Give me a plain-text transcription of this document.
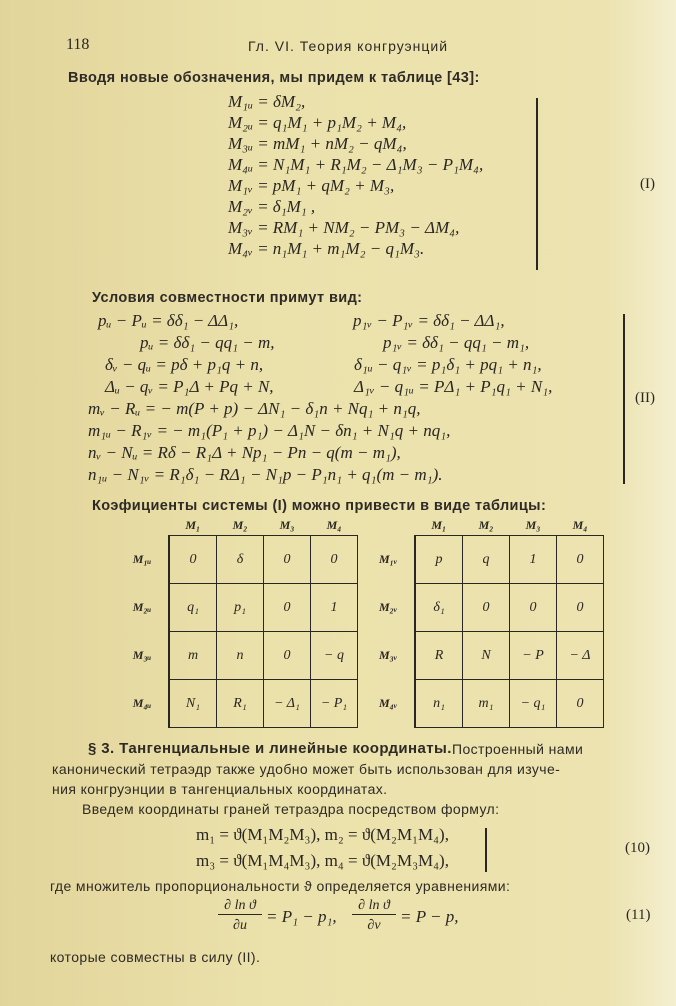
118	Гл. VI. Теория конгруэнций
Вводя новые обозначения, мы придем к таблице [43]:
M₁ᵤ = δM₂,
M₂ᵤ = q₁M₁ + p₁M₂ + M₄,
M₃ᵤ = mM₁ + nM₂ − qM₄,
M₄ᵤ = N₁M₁ + R₁M₂ − Δ₁M₃ − P₁M₄,
M₁ᵥ = pM₁ + qM₂ + M₃,
M₂ᵥ = δ₁M₁ ,
M₃ᵥ = RM₁ + NM₂ − PM₃ − ΔM₄,
M₄ᵥ = n₁M₁ + m₁M₂ − q₁M₃.
(I)
Условия совместности примут вид:
pᵤ − Pᵤ = δδ₁ − ΔΔ₁,	p₁ᵥ − P₁ᵥ = δδ₁ − ΔΔ₁,
pᵤ = δδ₁ − qq₁ − m,	p₁ᵥ = δδ₁ − qq₁ − m₁,
δᵥ − qᵤ = pδ + p₁q + n,	δ₁ᵤ − q₁ᵥ = p₁δ₁ + pq₁ + n₁,
Δᵤ − qᵥ = P₁Δ + Pq + N,	Δ₁ᵥ − q₁ᵤ = PΔ₁ + P₁q₁ + N₁,
mᵥ − Rᵤ = − m(P + p) − ΔN₁ − δ₁n + Nq₁ + n₁q,
m₁ᵤ − R₁ᵥ = − m₁(P₁ + p₁) − Δ₁N − δn₁ + N₁q + nq₁,
nᵥ − Nᵤ = Rδ − R₁Δ + Np₁ − Pn − q(m − m₁),
n₁ᵤ − N₁ᵥ = R₁δ₁ − RΔ₁ − N₁p − P₁n₁ + q₁(m − m₁).
(II)
Коэфициенты системы (I) можно привести в виде таблицы:
	M₁	M₂	M₃	M₄
M₁ᵤ	0	δ	0	0
M₂ᵤ	q₁	p₁	0	1
M₃ᵤ	m	n	0	− q
M₄ᵤ	N₁	R₁	− Δ₁	− P₁
	M₁	M₂	M₃	M₄
M₁ᵥ	p	q	1	0
M₂ᵥ	δ₁	0	0	0
M₃ᵥ	R	N	− P	− Δ
M₄ᵥ	n₁	m₁	− q₁	0
§ 3. Тангенциальные и линейные координаты. Построенный нами
канонический тетраэдр также удобно может быть использован для изуче-
ния конгруэнции в тангенциальных координатах.
Введем координаты граней тетраэдра посредством формул:
m₁ = ϑ(M₁M₂M₃), m₂ = ϑ(M₂M₁M₄),
m₃ = ϑ(M₁M₄M₃), m₄ = ϑ(M₂M₃M₄),
(10)
где множитель пропорциональности ϑ определяется уравнениями:
∂ ln ϑ
∂u	= P₁ − p₁,
∂ ln ϑ
∂v	= P − p,	(11)
которые совместны в силу (II).
